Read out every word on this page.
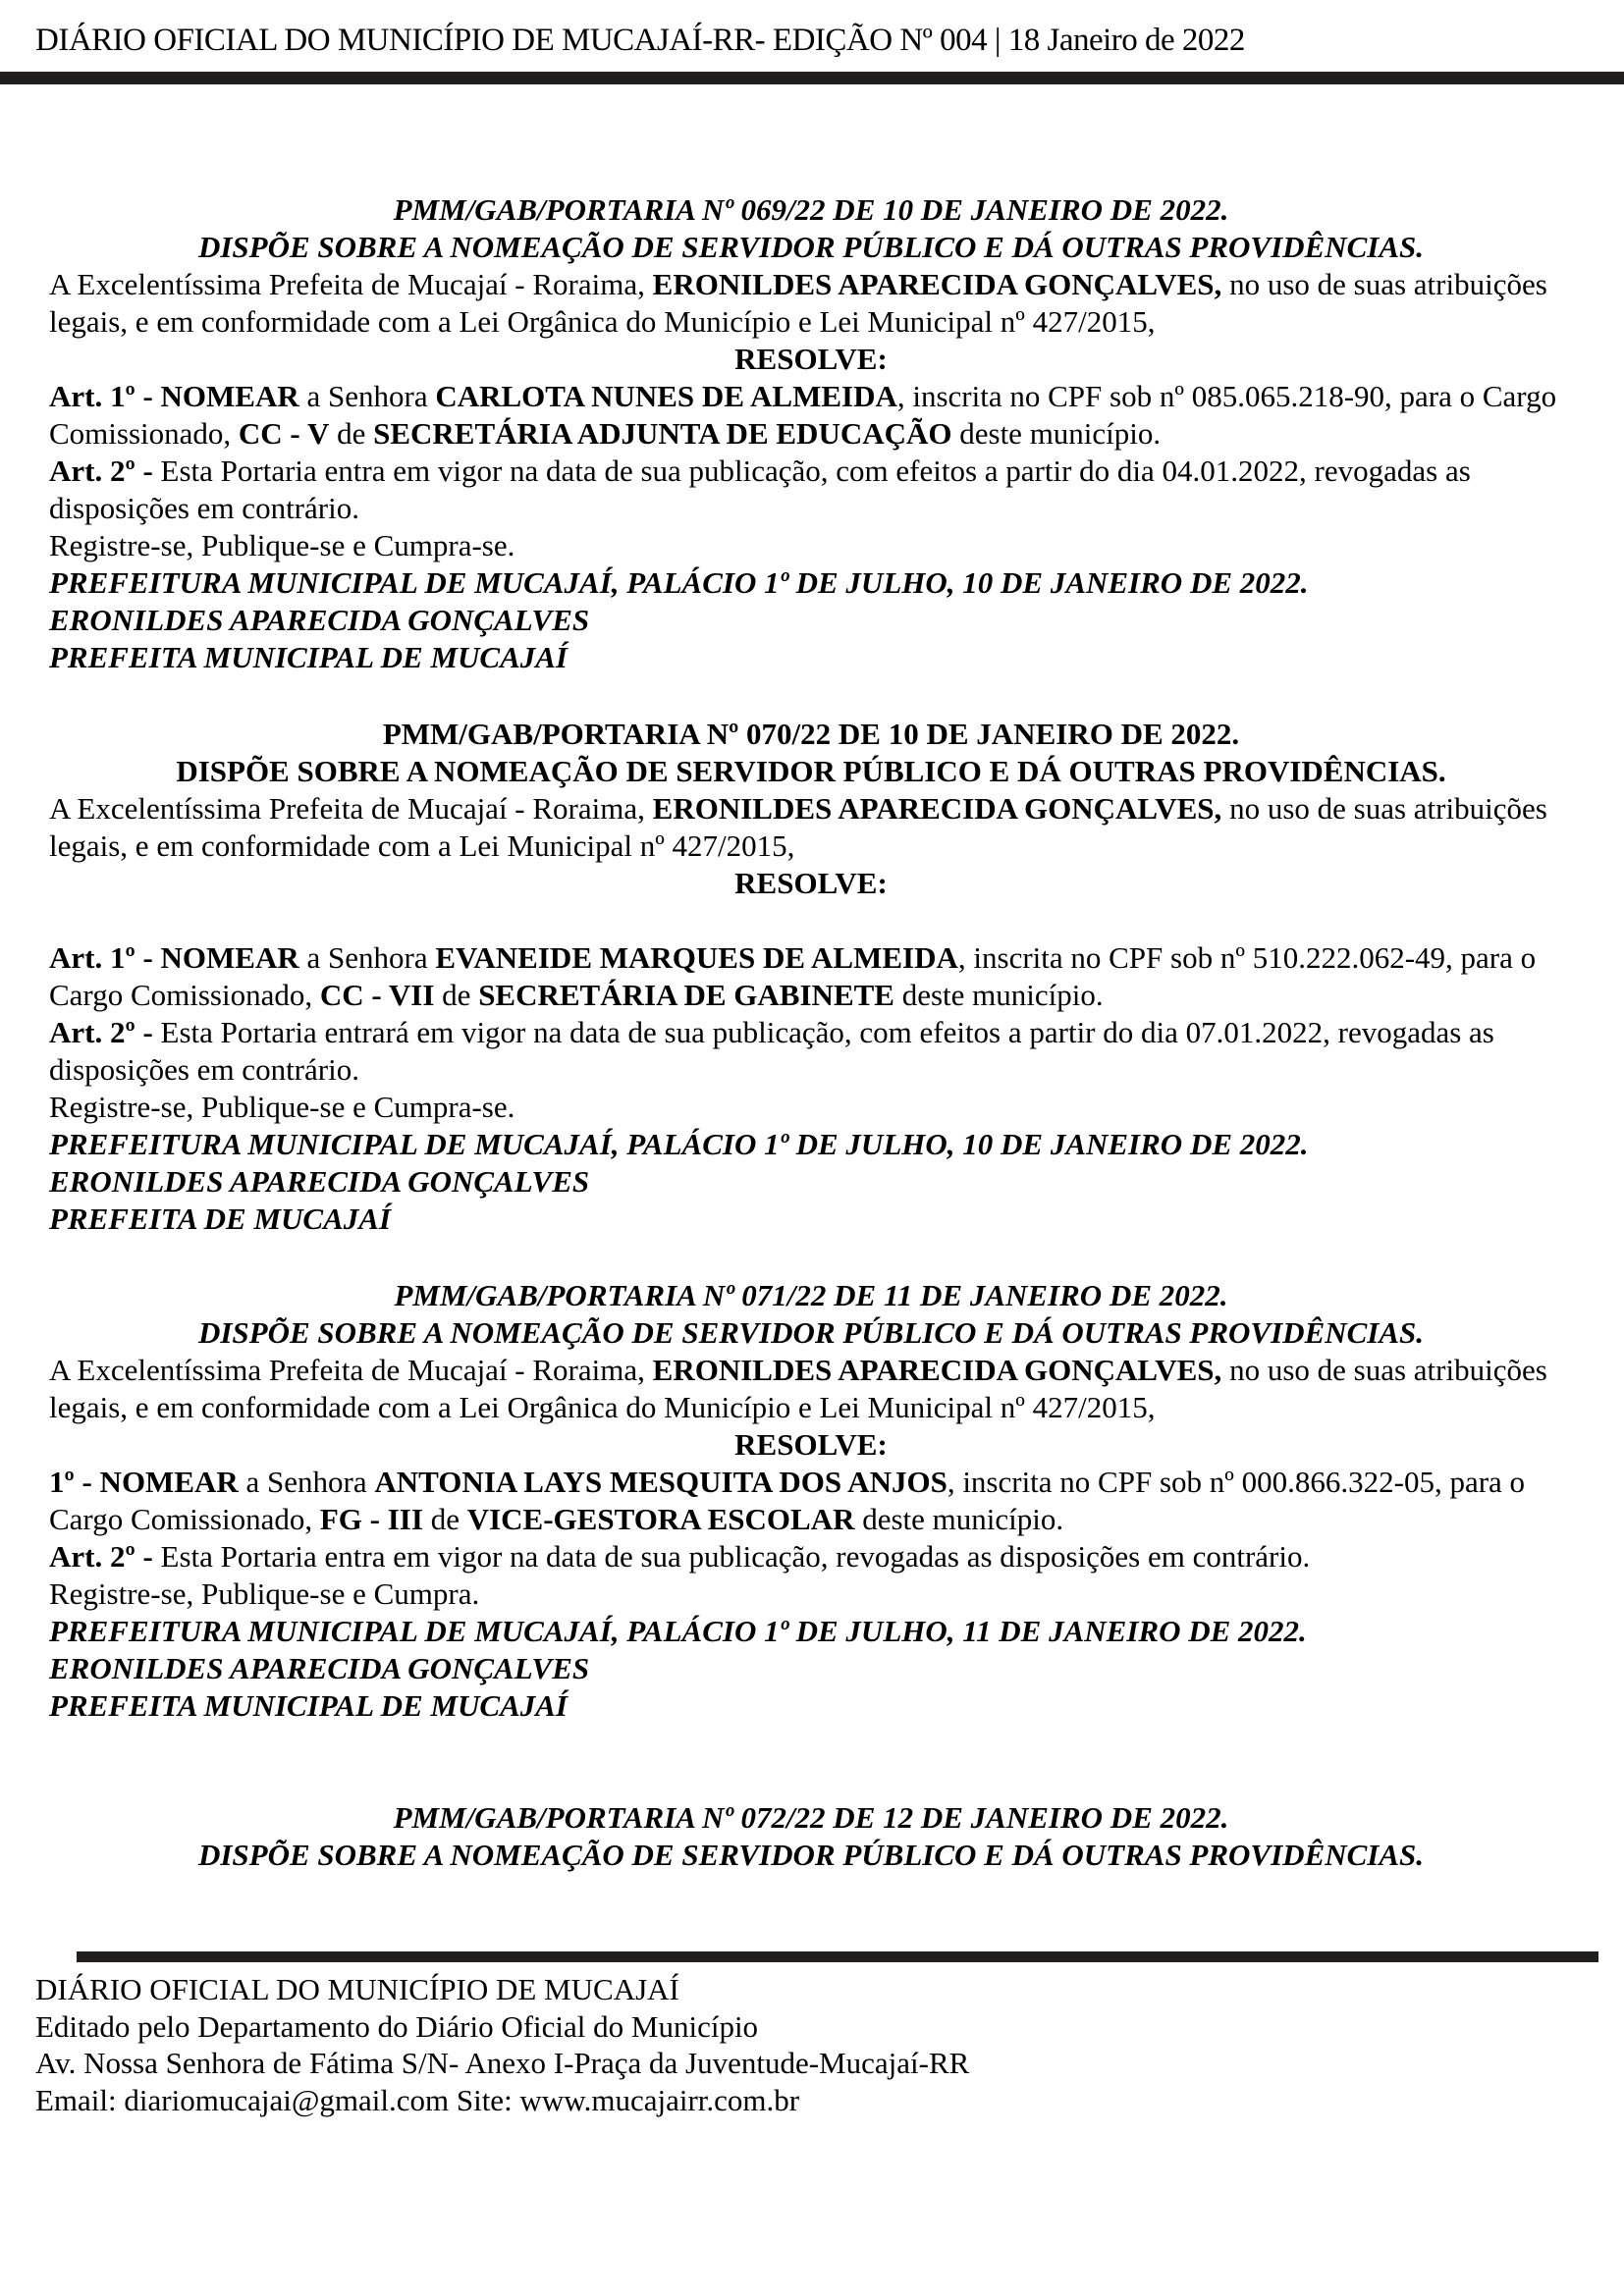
DIÁRIO OFICIAL DO MUNICÍPIO DE MUCAJAÍ-RR- EDIÇÃO Nº 004 | 18 Janeiro de 2022

PMM/GAB/PORTARIA Nº 069/22 DE 10 DE JANEIRO DE 2022.

DISPÕE SOBRE A NOMEAÇÃO DE SERVIDOR PÚBLICO E DÁ OUTRAS PROVIDÊNCIAS.

A Excelentíssima Prefeita de Mucajaí - Roraima, ERONILDES APARECIDA GONÇALVES, no uso de suas atribuições legais, e em conformidade com a Lei Orgânica do Município e Lei Municipal nº 427/2015,

RESOLVE:

Art. 1º - NOMEAR a Senhora CARLOTA NUNES DE ALMEIDA, inscrita no CPF sob nº 085.065.218-90, para o Cargo Comissionado, CC - V de SECRETÁRIA ADJUNTA DE EDUCAÇÃO deste município.

Art. 2º - Esta Portaria entra em vigor na data de sua publicação, com efeitos a partir do dia 04.01.2022, revogadas as disposições em contrário.

Registre-se, Publique-se e Cumpra-se.

PREFEITURA MUNICIPAL DE MUCAJAÍ, PALÁCIO 1º DE JULHO, 10 DE JANEIRO DE 2022.

ERONILDES APARECIDA GONÇALVES

PREFEITA MUNICIPAL DE MUCAJAÍ

PMM/GAB/PORTARIA Nº 070/22 DE 10 DE JANEIRO DE 2022.

DISPÕE SOBRE A NOMEAÇÃO DE SERVIDOR PÚBLICO E DÁ OUTRAS PROVIDÊNCIAS.

A Excelentíssima Prefeita de Mucajaí - Roraima, ERONILDES APARECIDA GONÇALVES, no uso de suas atribuições legais, e em conformidade com a Lei Municipal nº 427/2015,

RESOLVE:

Art. 1º - NOMEAR a Senhora EVANEIDE MARQUES DE ALMEIDA, inscrita no CPF sob nº 510.222.062-49, para o Cargo Comissionado, CC - VII de SECRETÁRIA DE GABINETE deste município.

Art. 2º - Esta Portaria entrará em vigor na data de sua publicação, com efeitos a partir do dia 07.01.2022, revogadas as disposições em contrário.

Registre-se, Publique-se e Cumpra-se.

PREFEITURA MUNICIPAL DE MUCAJAÍ, PALÁCIO 1º DE JULHO, 10 DE JANEIRO DE 2022.

ERONILDES APARECIDA GONÇALVES

PREFEITA DE MUCAJAÍ

PMM/GAB/PORTARIA Nº 071/22 DE 11 DE JANEIRO DE 2022.

DISPÕE SOBRE A NOMEAÇÃO DE SERVIDOR PÚBLICO E DÁ OUTRAS PROVIDÊNCIAS.

A Excelentíssima Prefeita de Mucajaí - Roraima, ERONILDES APARECIDA GONÇALVES, no uso de suas atribuições legais, e em conformidade com a Lei Orgânica do Município e Lei Municipal nº 427/2015,

RESOLVE:

1º - NOMEAR a Senhora ANTONIA LAYS MESQUITA DOS ANJOS, inscrita no CPF sob nº 000.866.322-05, para o Cargo Comissionado, FG - III de VICE-GESTORA ESCOLAR deste município.

Art. 2º - Esta Portaria entra em vigor na data de sua publicação, revogadas as disposições em contrário.

Registre-se, Publique-se e Cumpra.

PREFEITURA MUNICIPAL DE MUCAJAÍ, PALÁCIO 1º DE JULHO, 11 DE JANEIRO DE 2022.

ERONILDES APARECIDA GONÇALVES

PREFEITA MUNICIPAL DE MUCAJAÍ

PMM/GAB/PORTARIA Nº 072/22 DE 12 DE JANEIRO DE 2022.

DISPÕE SOBRE A NOMEAÇÃO DE SERVIDOR PÚBLICO E DÁ OUTRAS PROVIDÊNCIAS.

DIÁRIO OFICIAL DO MUNICÍPIO DE MUCAJAÍ

Editado pelo Departamento do Diário Oficial do Município

Av. Nossa Senhora de Fátima S/N- Anexo I-Praça da Juventude-Mucajaí-RR

Email: diariomucajai@gmail.com Site: www.mucajairr.com.br
